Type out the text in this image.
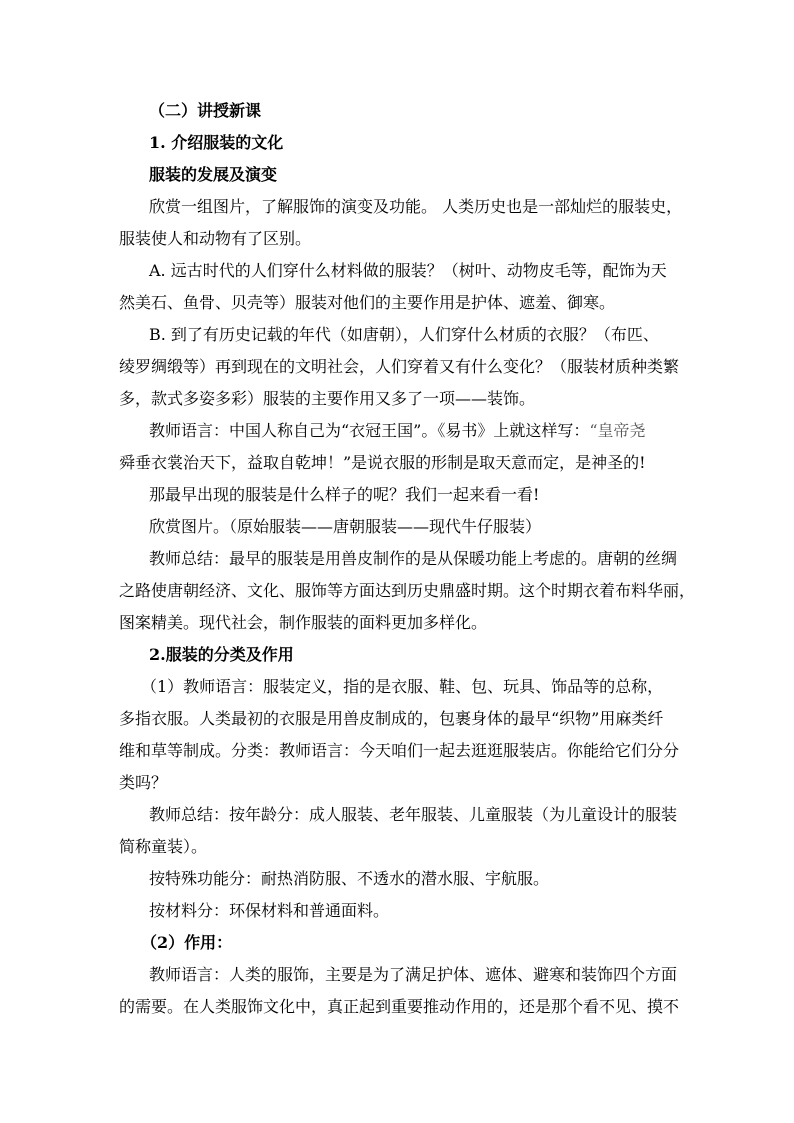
（二）讲授新课
1. 介绍服装的文化
服装的发展及演变
欣赏一组图片，了解服饰的演变及功能。 人类历史也是一部灿烂的服装史，
服装使人和动物有了区别。
A. 远古时代的人们穿什么材料做的服装？（树叶、动物皮毛等，配饰为天
然美石、鱼骨、贝壳等）服装对他们的主要作用是护体、遮羞、御寒。
B. 到了有历史记载的年代（如唐朝），人们穿什么材质的衣服？（布匹、
绫罗绸缎等）再到现在的文明社会，人们穿着又有什么变化？（服装材质种类繁
多，款式多姿多彩）服装的主要作用又多了一项——装饰。
教师语言：中国人称自己为“衣冠王国”。《易书》上就这样写：“皇帝尧
舜垂衣裳治天下，益取自乾坤！”是说衣服的形制是取天意而定，是神圣的!
那最早出现的服装是什么样子的呢？我们一起来看一看!
欣赏图片。（原始服装——唐朝服装——现代牛仔服装）
教师总结：最早的服装是用兽皮制作的是从保暖功能上考虑的。唐朝的丝绸
之路使唐朝经济、文化、服饰等方面达到历史鼎盛时期。这个时期衣着布料华丽，
图案精美。现代社会，制作服装的面料更加多样化。
2.服装的分类及作用
（1）教师语言：服装定义，指的是衣服、鞋、包、玩具、饰品等的总称，
多指衣服。人类最初的衣服是用兽皮制成的，包裹身体的最早“织物”用麻类纤
维和草等制成。分类：教师语言：今天咱们一起去逛逛服装店。你能给它们分分
类吗？
教师总结：按年龄分：成人服装、老年服装、儿童服装（为儿童设计的服装
简称童装）。
按特殊功能分：耐热消防服、不透水的潜水服、宇航服。
按材料分：环保材料和普通面料。
（2）作用：
教师语言：人类的服饰，主要是为了满足护体、遮体、避寒和装饰四个方面
的需要。在人类服饰文化中，真正起到重要推动作用的，还是那个看不见、摸不
